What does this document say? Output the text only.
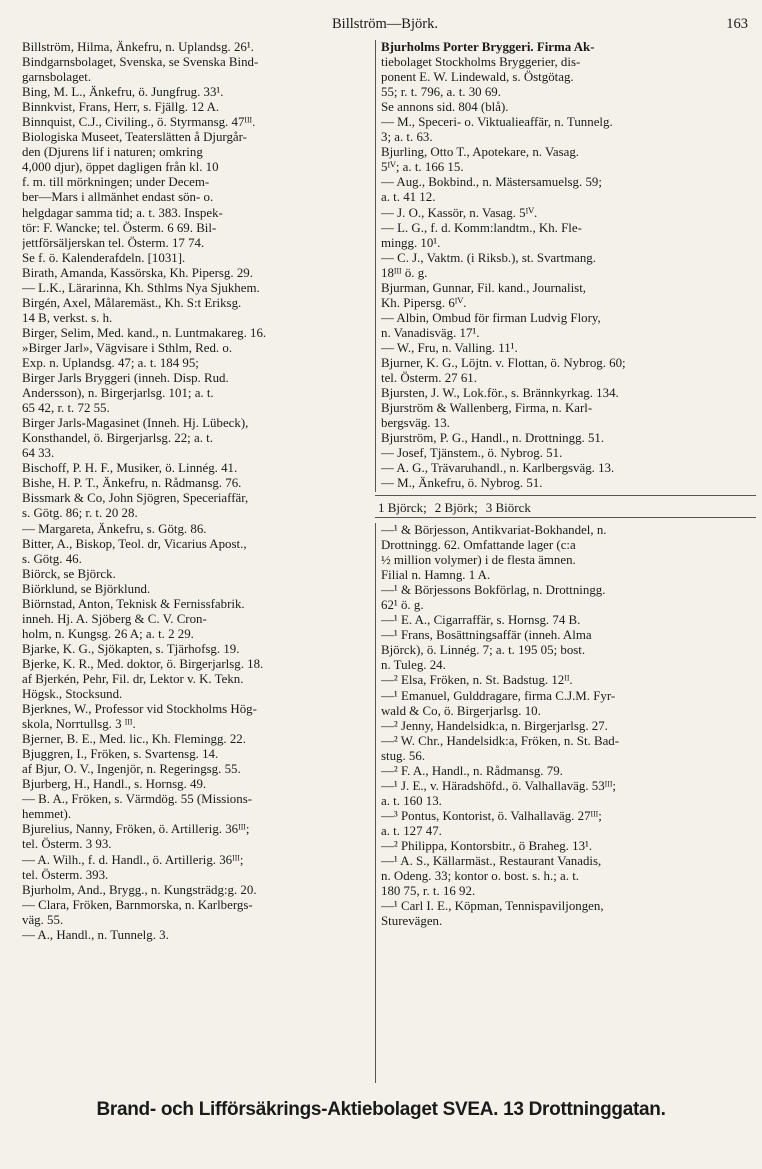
Billström—Björk.	163
Billström, Hilma, Änkefru, n. Uplandsg. 26¹.
Bindgarnsbolaget, Svenska, se Svenska Bind-
garnsbolaget.
Bing, M. L., Änkefru, ö. Jungfrug. 33¹.
Binnkvist, Frans, Herr, s. Fjällg. 12 A.
Binnquist, C.J., Civiling., ö. Styrmansg. 47ᴵᴵᴵ.
Biologiska Museet, Teaterslätten å Djurgår-
den (Djurens lif i naturen; omkring
4,000 djur), öppet dagligen från kl. 10
f. m. till mörkningen; under Decem-
ber—Mars i allmänhet endast sön- o.
helgdagar samma tid; a. t. 383. Inspek-
tör: F. Wancke; tel. Österm. 6 69. Bil-
jettförsäljerskan tel. Österm. 17 74.
Se f. ö. Kalenderafdeln. [1031].
Birath, Amanda, Kassörska, Kh. Pipersg. 29.
— L.K., Lärarinna, Kh. Sthlms Nya Sjukhem.
Birgén, Axel, Målaremäst., Kh. S:t Eriksg.
14 B, verkst. s. h.
Birger, Selim, Med. kand., n. Luntmakareg. 16.
»Birger Jarl», Vägvisare i Sthlm, Red. o.
Exp. n. Uplandsg. 47; a. t. 184 95;
Birger Jarls Bryggeri (inneh. Disp. Rud.
Andersson), n. Birgerjarlsg. 101; a. t.
65 42, r. t. 72 55.
Birger Jarls-Magasinet (Inneh. Hj. Lübeck),
Konsthandel, ö. Birgerjarlsg. 22; a. t.
64 33.
Bischoff, P. H. F., Musiker, ö. Linnég. 41.
Bishe, H. P. T., Änkefru, n. Rådmansg. 76.
Bissmark & Co, John Sjögren, Speceriaffär,
s. Götg. 86; r. t. 20 28.
— Margareta, Änkefru, s. Götg. 86.
Bitter, A., Biskop, Teol. dr, Vicarius Apost.,
s. Götg. 46.
Biörck, se Björck.
Biörklund, se Björklund.
Biörnstad, Anton, Teknisk & Fernissfabrik.
inneh. Hj. A. Sjöberg & C. V. Cron-
holm, n. Kungsg. 26 A; a. t. 2 29.
Bjarke, K. G., Sjökapten, s. Tjärhofsg. 19.
Bjerke, K. R., Med. doktor, ö. Birgerjarlsg. 18.
af Bjerkén, Pehr, Fil. dr, Lektor v. K. Tekn.
Högsk., Stocksund.
Bjerknes, W., Professor vid Stockholms Hög-
skola, Norrtullsg. 3 ᴵᴵᴵ.
Bjerner, B. E., Med. lic., Kh. Flemingg. 22.
Bjuggren, I., Fröken, s. Svartensg. 14.
af Bjur, O. V., Ingenjör, n. Regeringsg. 55.
Bjurberg, H., Handl., s. Hornsg. 49.
— B. A., Fröken, s. Värmdög. 55 (Missions-
hemmet).
Bjurelius, Nanny, Fröken, ö. Artillerig. 36ᴵᴵᴵ;
tel. Österm. 3 93.
— A. Wilh., f. d. Handl., ö. Artillerig. 36ᴵᴵᴵ;
tel. Österm. 393.
Bjurholm, And., Brygg., n. Kungsträdg:g. 20.
— Clara, Fröken, Barnmorska, n. Karlbergs-
väg. 55.
— A., Handl., n. Tunnelg. 3.
Bjurholms Porter Bryggeri. Firma Ak-
tiebolaget Stockholms Bryggerier, dis-
ponent E. W. Lindewald, s. Östgötag.
55; r. t. 796, a. t. 30 69.
Se annons sid. 804 (blå).
— M., Speceri- o. Viktualieaffär, n. Tunnelg.
3; a. t. 63.
Bjurling, Otto T., Apotekare, n. Vasag.
5ᴵⱽ; a. t. 166 15.
— Aug., Bokbind., n. Mästersamuelsg. 59;
a. t. 41 12.
— J. O., Kassör, n. Vasag. 5ᴵⱽ.
— L. G., f. d. Komm:landtm., Kh. Fle-
mingg. 10¹.
— C. J., Vaktm. (i Riksb.), st. Svartmang.
18ᴵᴵᴵ ö. g.
Bjurman, Gunnar, Fil. kand., Journalist,
Kh. Pipersg. 6ᴵⱽ.
— Albin, Ombud för firman Ludvig Flory,
n. Vanadisväg. 17¹.
— W., Fru, n. Valling. 11¹.
Bjurner, K. G., Löjtn. v. Flottan, ö. Nybrog. 60;
tel. Österm. 27 61.
Bjursten, J. W., Lok.för., s. Brännkyrkag. 134.
Bjurström & Wallenberg, Firma, n. Karl-
bergsväg. 13.
Bjurström, P. G., Handl., n. Drottningg. 51.
— Josef, Tjänstem., ö. Nybrog. 51.
— A. G., Trävaruhandl., n. Karlbergsväg. 13.
— M., Änkefru, ö. Nybrog. 51.
1 Björck; 2 Björk; 3 Biörck
—¹ & Börjesson, Antikvariat-Bokhandel, n.
Drottningg. 62. Omfattande lager (c:a
½ million volymer) i de flesta ämnen.
Filial n. Hamng. 1 A.
—¹ & Börjessons Bokförlag, n. Drottningg.
62¹ ö. g.
—¹ E. A., Cigarraffär, s. Hornsg. 74 B.
—¹ Frans, Bosättningsaffär (inneh. Alma
Björck), ö. Linnég. 7; a. t. 195 05; bost.
n. Tuleg. 24.
—² Elsa, Fröken, n. St. Badstug. 12ᴵᴵ.
—¹ Emanuel, Gulddragare, firma C.J.M. Fyr-
wald & Co, ö. Birgerjarlsg. 10.
—² Jenny, Handelsidk:a, n. Birgerjarlsg. 27.
—² W. Chr., Handelsidk:a, Fröken, n. St. Bad-
stug. 56.
—² F. A., Handl., n. Rådmansg. 79.
—¹ J. E., v. Häradshöfd., ö. Valhallaväg. 53ᴵᴵᴵ;
a. t. 160 13.
—³ Pontus, Kontorist, ö. Valhallaväg. 27ᴵᴵᴵ;
a. t. 127 47.
—² Philippa, Kontorsbitr., ö Braheg. 13¹.
—¹ A. S., Källarmäst., Restaurant Vanadis,
n. Odeng. 33; kontor o. bost. s. h.; a. t.
180 75, r. t. 16 92.
—¹ Carl I. E., Köpman, Tennispaviljongen,
Sturevägen.
Brand- och Lifförsäkrings-Aktiebolaget SVEA. 13 Drottninggatan.
